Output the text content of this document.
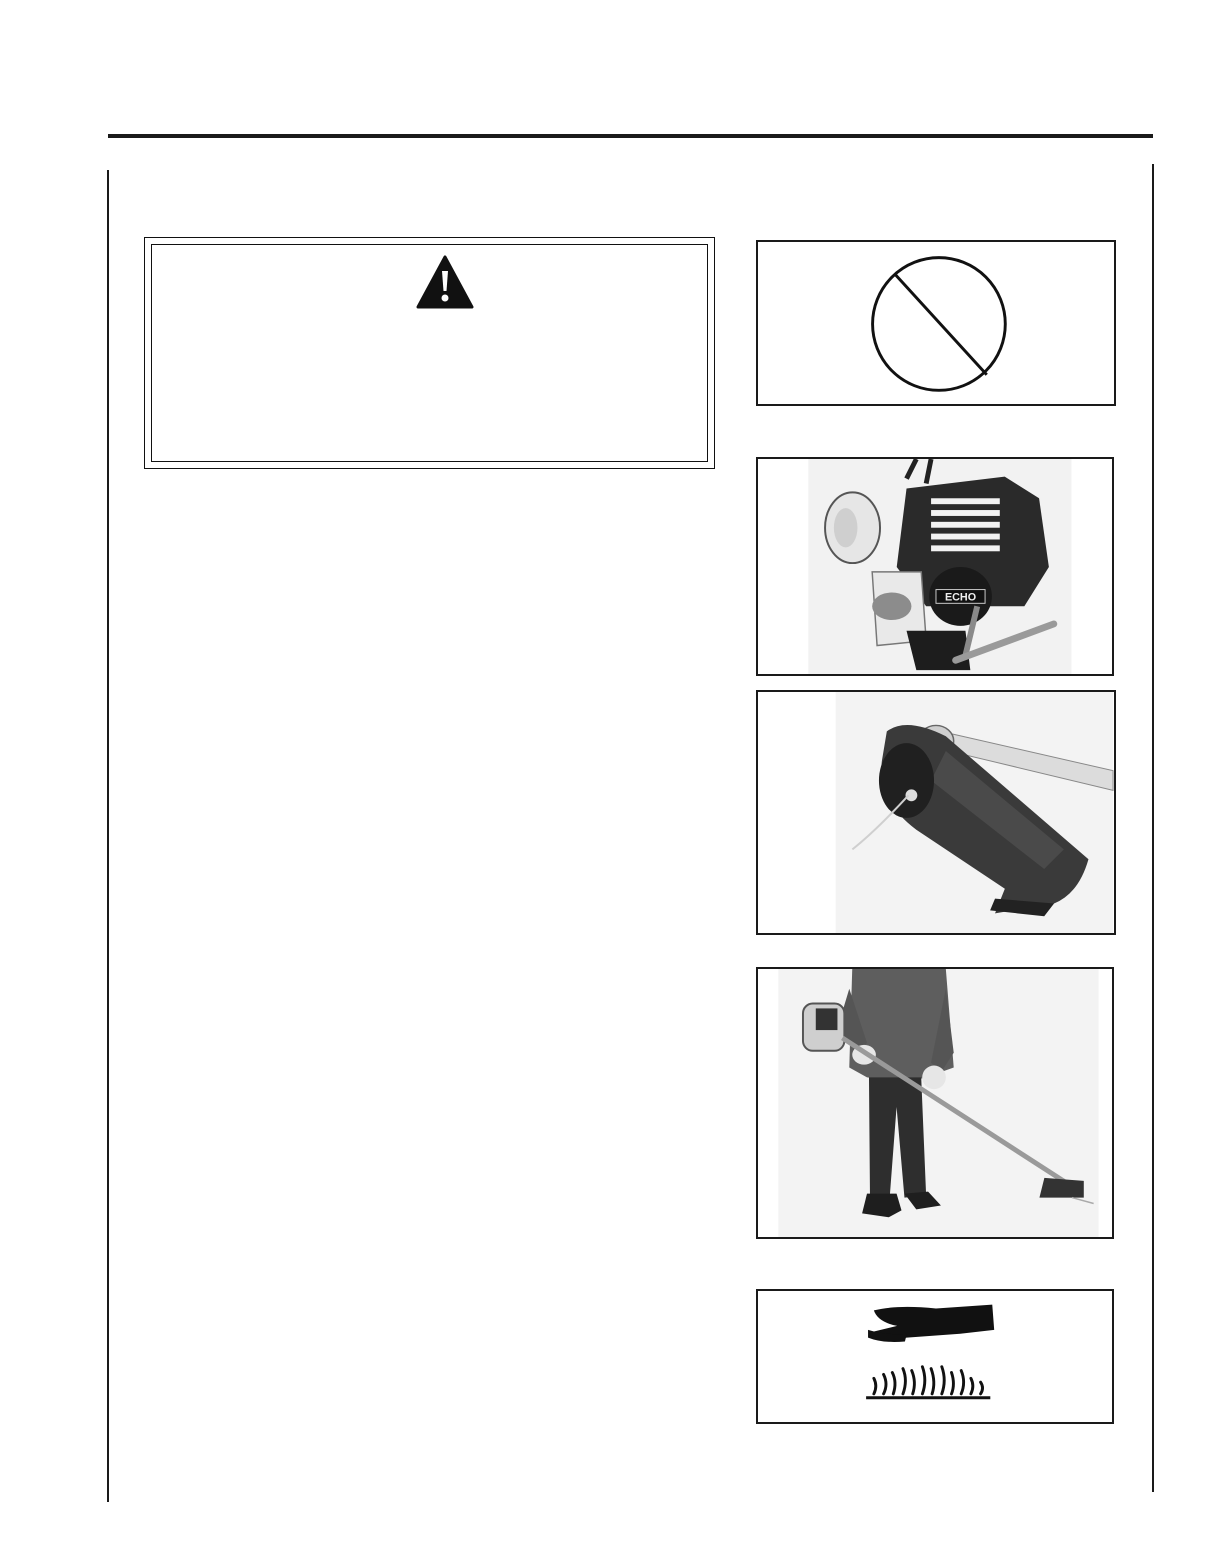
ECHO
